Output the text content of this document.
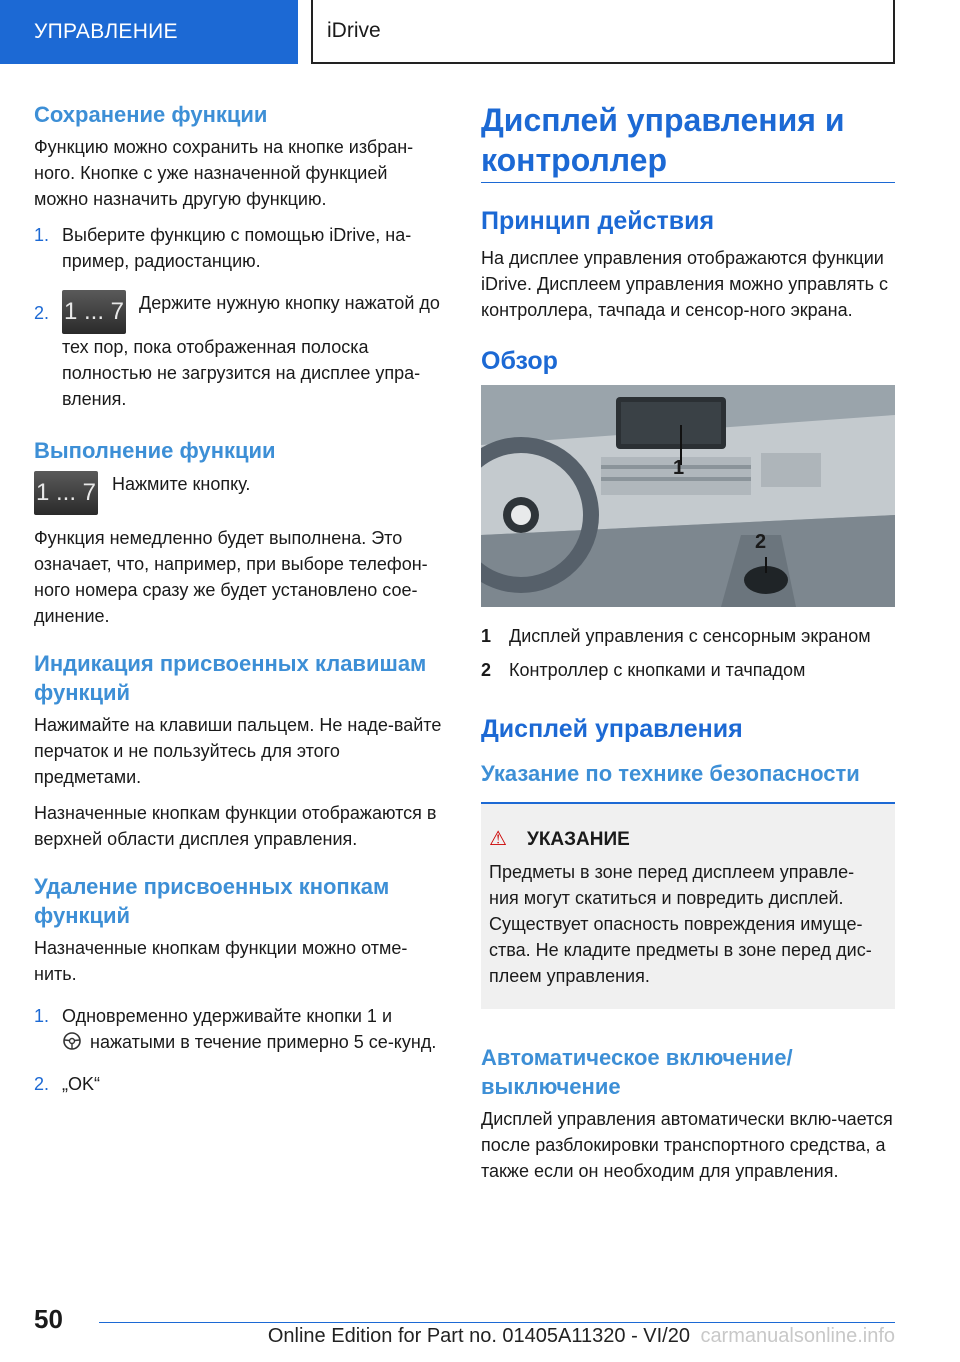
УПРАВЛЕНИЕ	iDrive
Сохранение функции

Функцию можно сохранить на кнопке избран-ного. Кнопке с уже назначенной функцией можно назначить другую функцию.

1. Выберите функцию с помощью iDrive, на-пример, радиостанцию.
2. 1 ... 7 Держите нужную кнопку нажатой до тех пор, пока отображенная полоска полностью не загрузится на дисплее упра-вления.
Выполнение функции
1 ... 7 Нажмите кнопку.

Функция немедленно будет выполнена. Это означает, что, например, при выборе телефон-ного номера сразу же будет установлено сое-динение.

Индикация присвоенных клавишам функций

Нажимайте на клавиши пальцем. Не наде-вайте перчаток и не пользуйтесь для этого предметами.

Назначенные кнопкам функции отображаются в верхней области дисплея управления.

Удаление присвоенных кнопкам функций

Назначенные кнопкам функции можно отме-нить.

1. Одновременно удерживайте кнопки 1 и
нажатыми в течение примерно 5 се-кунд.
2. „OK“
Дисплей управления и контроллер
Принцип действия

На дисплее управления отображаются функции iDrive. Дисплеем управления можно управлять с контроллера, тачпада и сенсор-ного экрана.

Обзор
1
2
1 Дисплей управления с сенсорным экраном
2 Контроллер с кнопками и тачпадом
Дисплей управления
Указание по технике безопасности
⚠ УКАЗАНИЕ

Предметы в зоне перед дисплеем управле-ния могут скатиться и повредить дисплей. Существует опасность повреждения имуще-ства. Не кладите предметы в зоне перед дис-плеем управления.

Автоматическое включение/ выключение

Дисплей управления автоматически вклю-чается после разблокировки транспортного средства, а также если он необходим для управления.

50
Online Edition for Part no. 01405A11320 - VI/20 carmanualsonline.info
